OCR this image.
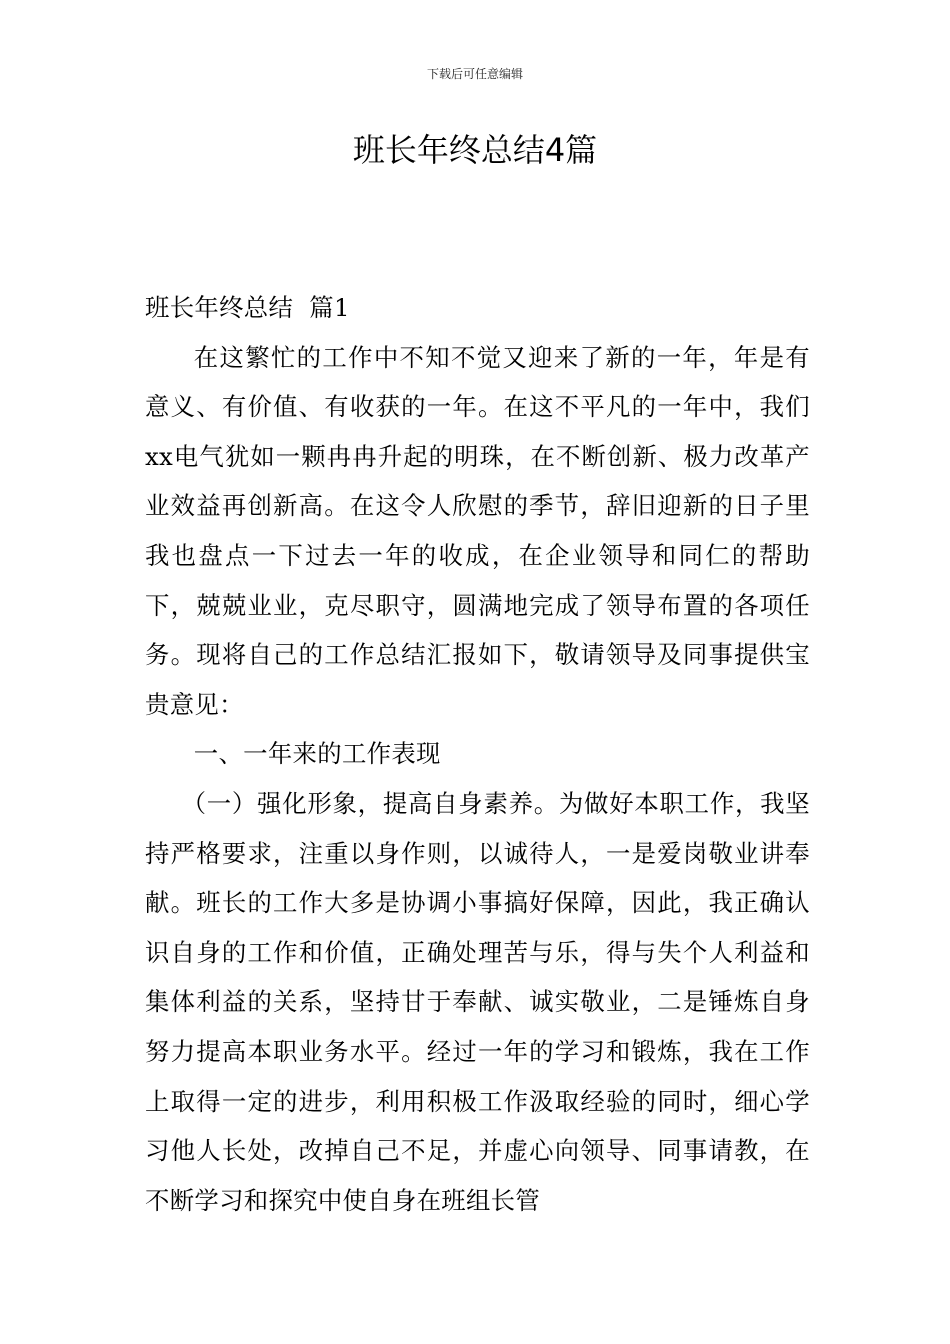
下载后可任意编辑
班长年终总结4篇

班长年终总结  篇1

在这繁忙的工作中不知不觉又迎来了新的一年，年是有意义、有价值、有收获的一年。在这不平凡的一年中，我们xx电气犹如一颗冉冉升起的明珠，在不断创新、极力改革产业效益再创新高。在这令人欣慰的季节，辞旧迎新的日子里我也盘点一下过去一年的收成，在企业领导和同仁的帮助下，兢兢业业，克尽职守，圆满地完成了领导布置的各项任务。现将自己的工作总结汇报如下，敬请领导及同事提供宝贵意见：

一、一年来的工作表现

（一）强化形象，提高自身素养。为做好本职工作，我坚持严格要求，注重以身作则，以诚待人，一是爱岗敬业讲奉献。班长的工作大多是协调小事搞好保障，因此，我正确认识自身的工作和价值，正确处理苦与乐，得与失个人利益和集体利益的关系，坚持甘于奉献、诚实敬业，二是锤炼自身努力提高本职业务水平。经过一年的学习和锻炼，我在工作上取得一定的进步，利用积极工作汲取经验的同时，细心学习他人长处，改掉自己不足，并虚心向领导、同事请教，在不断学习和探究中使自身在班组长管
